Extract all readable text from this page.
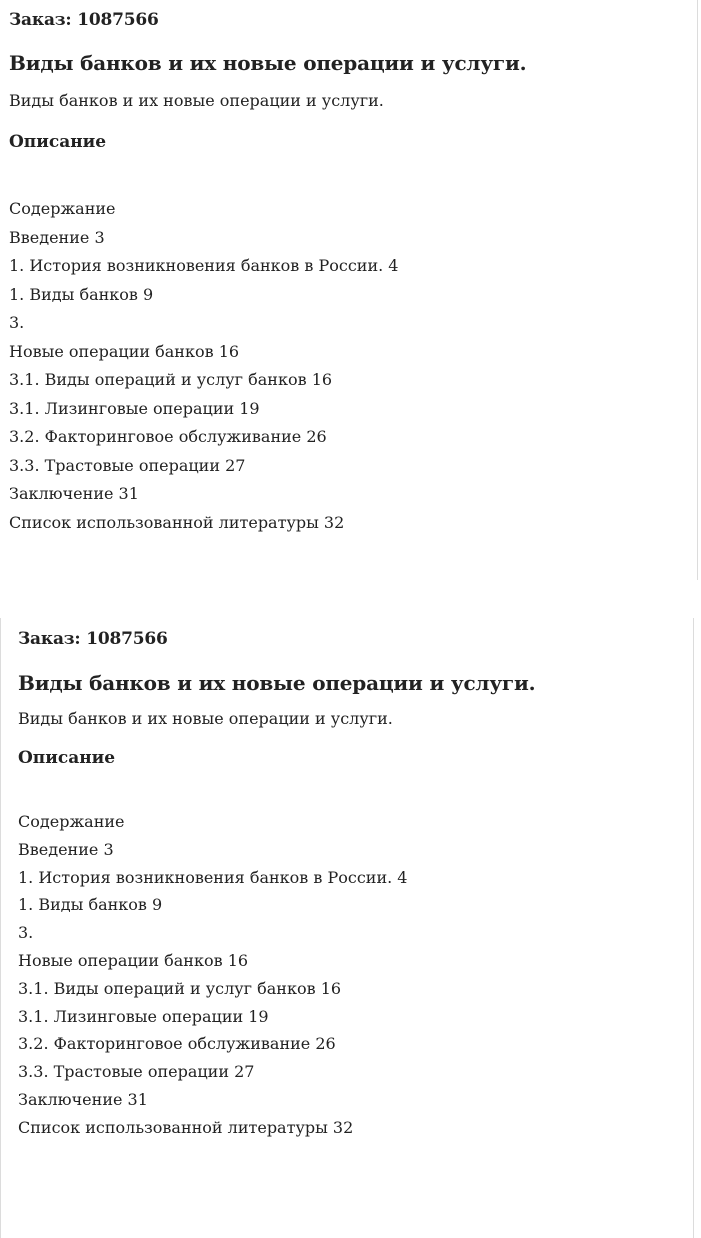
Заказ: 1087566
Виды банков и их новые операции и услуги.
Виды банков и их новые операции и услуги.
Описание
Содержание
Введение 3
1. История возникновения банков в России. 4
1. Виды банков 9
3.
Новые операции банков 16
3.1. Виды операций и услуг банков 16
3.1. Лизинговые операции 19
3.2. Факторинговое обслуживание 26
3.3. Трастовые операции 27
Заключение 31
Список использованной литературы 32
Заказ: 1087566
Виды банков и их новые операции и услуги.
Виды банков и их новые операции и услуги.
Описание
Содержание
Введение 3
1. История возникновения банков в России. 4
1. Виды банков 9
3.
Новые операции банков 16
3.1. Виды операций и услуг банков 16
3.1. Лизинговые операции 19
3.2. Факторинговое обслуживание 26
3.3. Трастовые операции 27
Заключение 31
Список использованной литературы 32
